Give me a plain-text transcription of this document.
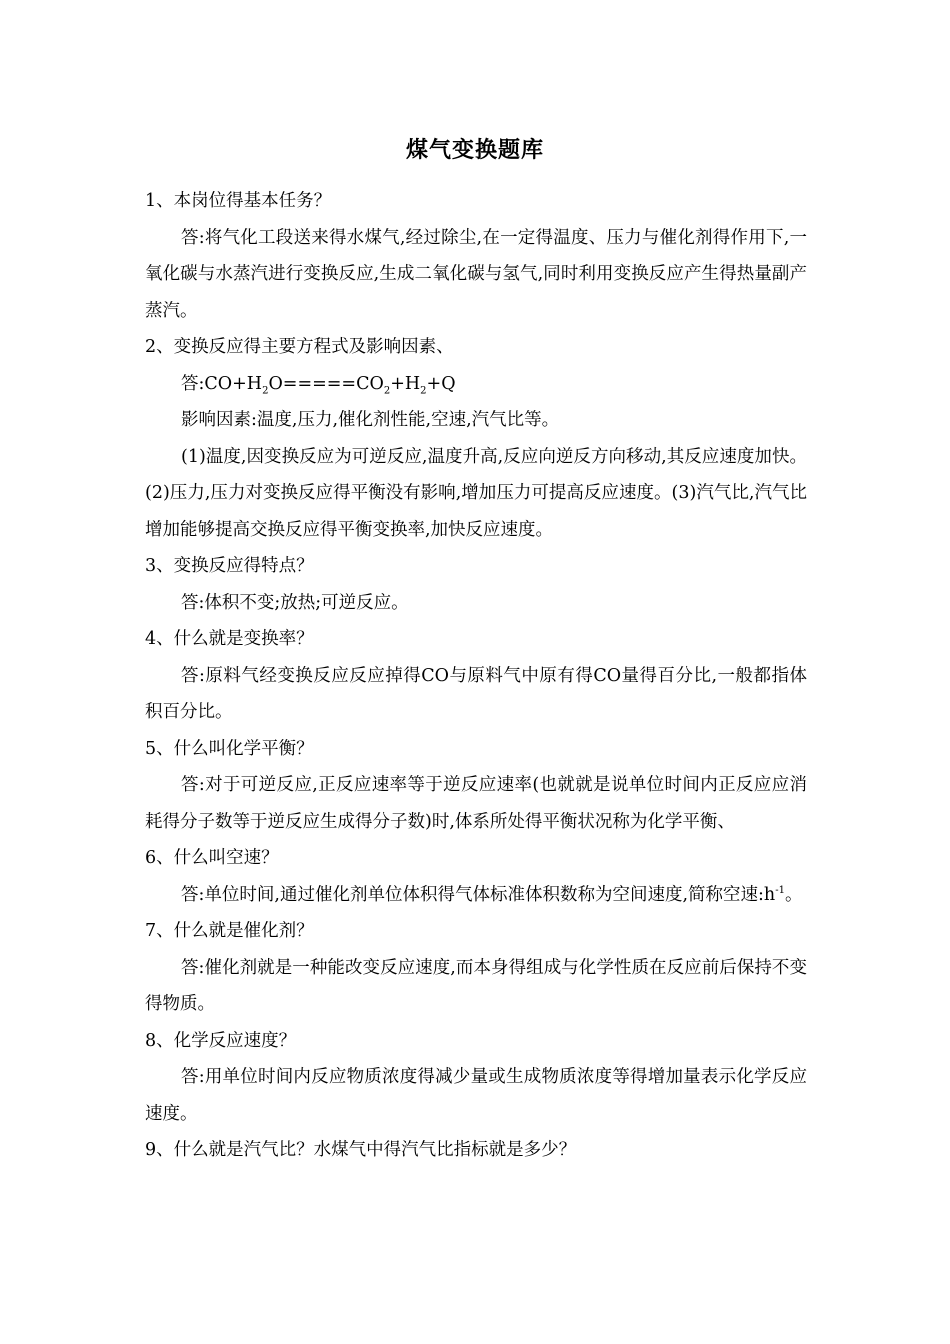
煤气变换题库

1、本岗位得基本任务？

答:将气化工段送来得水煤气,经过除尘,在一定得温度、压力与催化剂得作用下,一氧化碳与水蒸汽进行变换反应,生成二氧化碳与氢气,同时利用变换反应产生得热量副产蒸汽。

2、变换反应得主要方程式及影响因素、

答$:CO+H_2O=====CO_2+H_2+Q$

影响因素:温度,压力,催化剂性能,空速,汽气比等。

(1)温度,因变换反应为可逆反应,温度升高,反应向逆反方向移动,其反应速度加快。(2)压力,压力对变换反应得平衡没有影响,增加压力可提高反应速度。(3)汽气比,汽气比增加能够提高交换反应得平衡变换率,加快反应速度。

3、变换反应得特点？

答:体积不变;放热;可逆反应。

4、什么就是变换率？

答:原料气经变换反应反应掉得CO与原料气中原有得CO量得百分比,一般都指体积百分比。

5、什么叫化学平衡？

答:对于可逆反应,正反应速率等于逆反应速率(也就就是说单位时间内正反应应消耗得分子数等于逆反应生成得分子数)时,体系所处得平衡状况称为化学平衡、

6、什么叫空速？

答:单位时间,通过催化剂单位体积得气体标准体积数称为空间速度,简称空速$:h^{-1}$。

7、什么就是催化剂？

答:催化剂就是一种能改变反应速度,而本身得组成与化学性质在反应前后保持不变得物质。

8、化学反应速度？

答:用单位时间内反应物质浓度得减少量或生成物质浓度等得增加量表示化学反应速度。

9、什么就是汽气比？水煤气中得汽气比指标就是多少？
